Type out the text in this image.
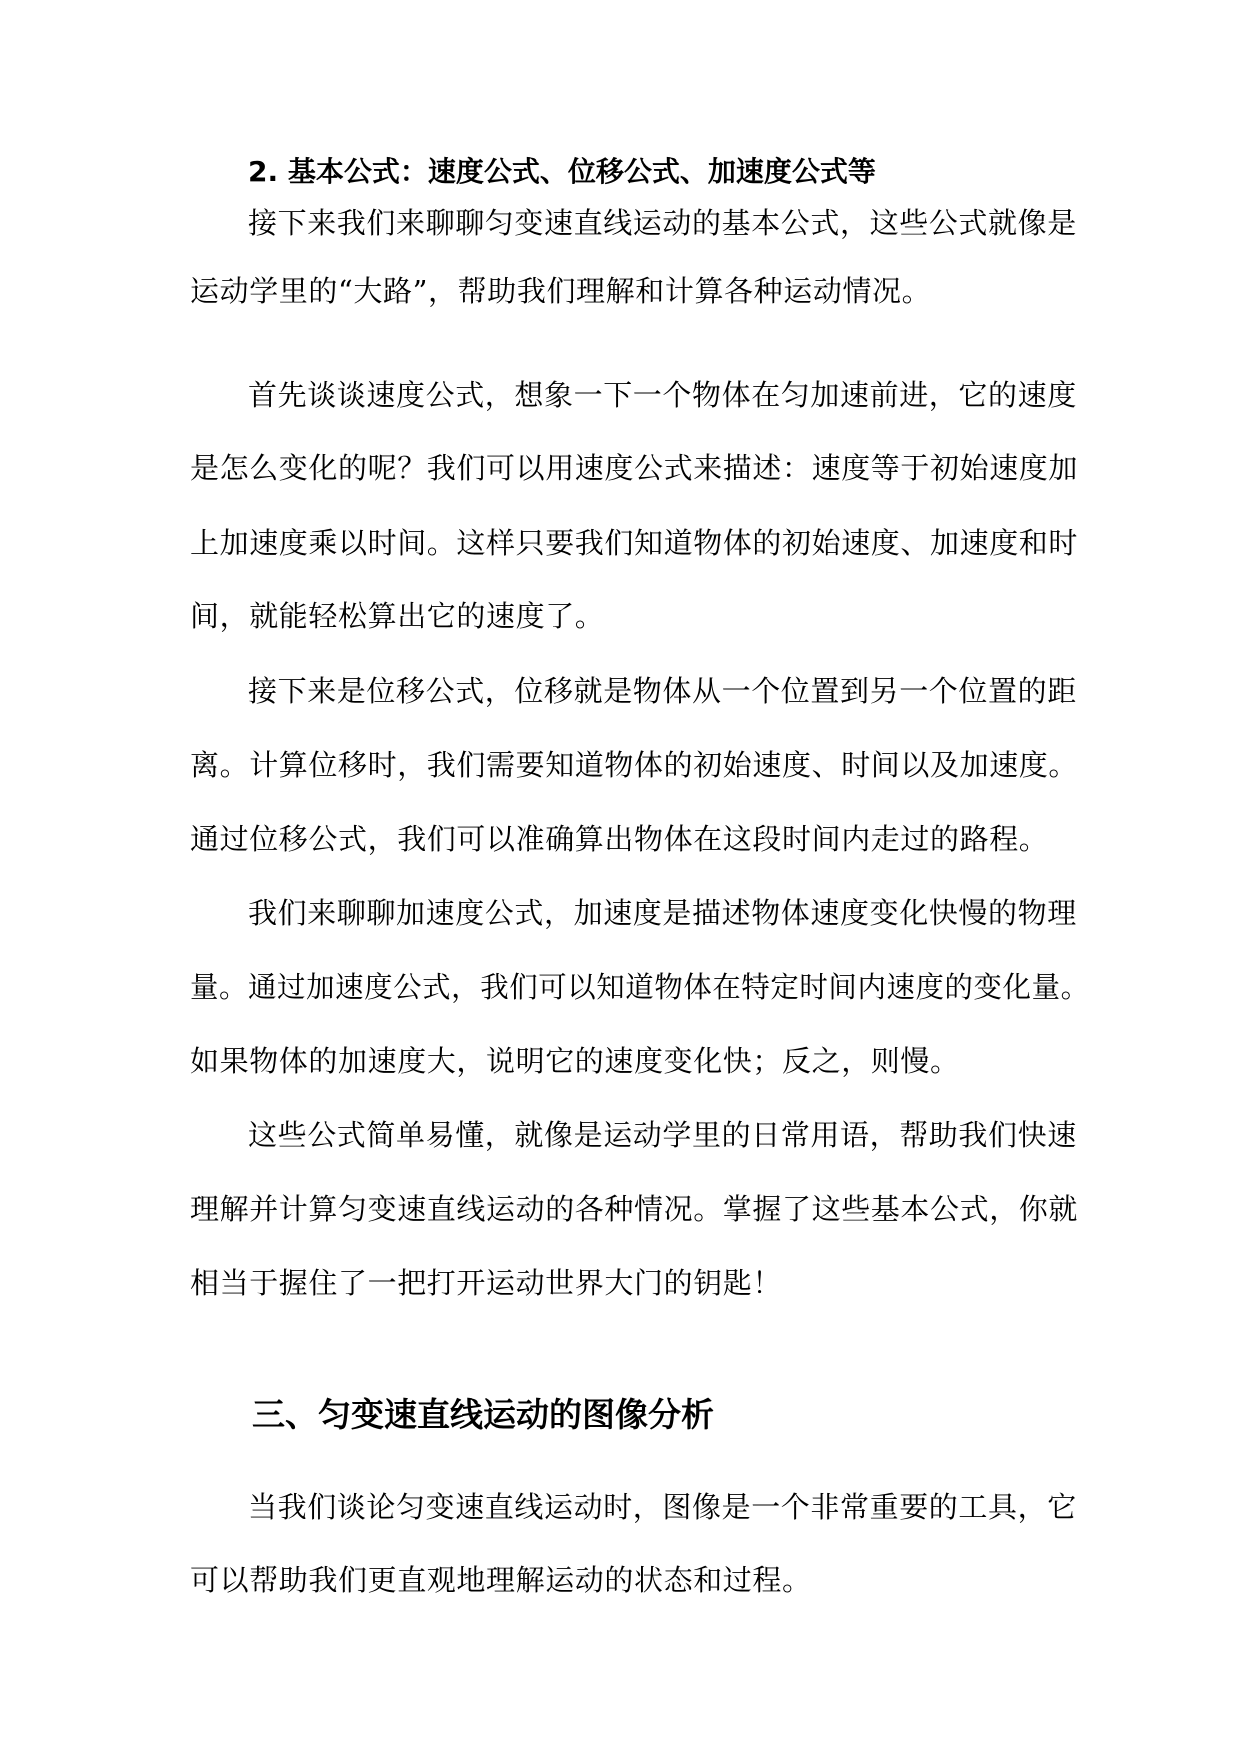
2. 基本公式：速度公式、位移公式、加速度公式等
接下来我们来聊聊匀变速直线运动的基本公式，这些公式就像是
运动学里的“大路”，帮助我们理解和计算各种运动情况。
首先谈谈速度公式，想象一下一个物体在匀加速前进，它的速度
是怎么变化的呢？我们可以用速度公式来描述：速度等于初始速度加
上加速度乘以时间。这样只要我们知道物体的初始速度、加速度和时
间，就能轻松算出它的速度了。
接下来是位移公式，位移就是物体从一个位置到另一个位置的距
离。计算位移时，我们需要知道物体的初始速度、时间以及加速度。
通过位移公式，我们可以准确算出物体在这段时间内走过的路程。
我们来聊聊加速度公式，加速度是描述物体速度变化快慢的物理
量。通过加速度公式，我们可以知道物体在特定时间内速度的变化量。
如果物体的加速度大，说明它的速度变化快；反之，则慢。
这些公式简单易懂，就像是运动学里的日常用语，帮助我们快速
理解并计算匀变速直线运动的各种情况。掌握了这些基本公式，你就
相当于握住了一把打开运动世界大门的钥匙！
三、匀变速直线运动的图像分析
当我们谈论匀变速直线运动时，图像是一个非常重要的工具，它
可以帮助我们更直观地理解运动的状态和过程。
